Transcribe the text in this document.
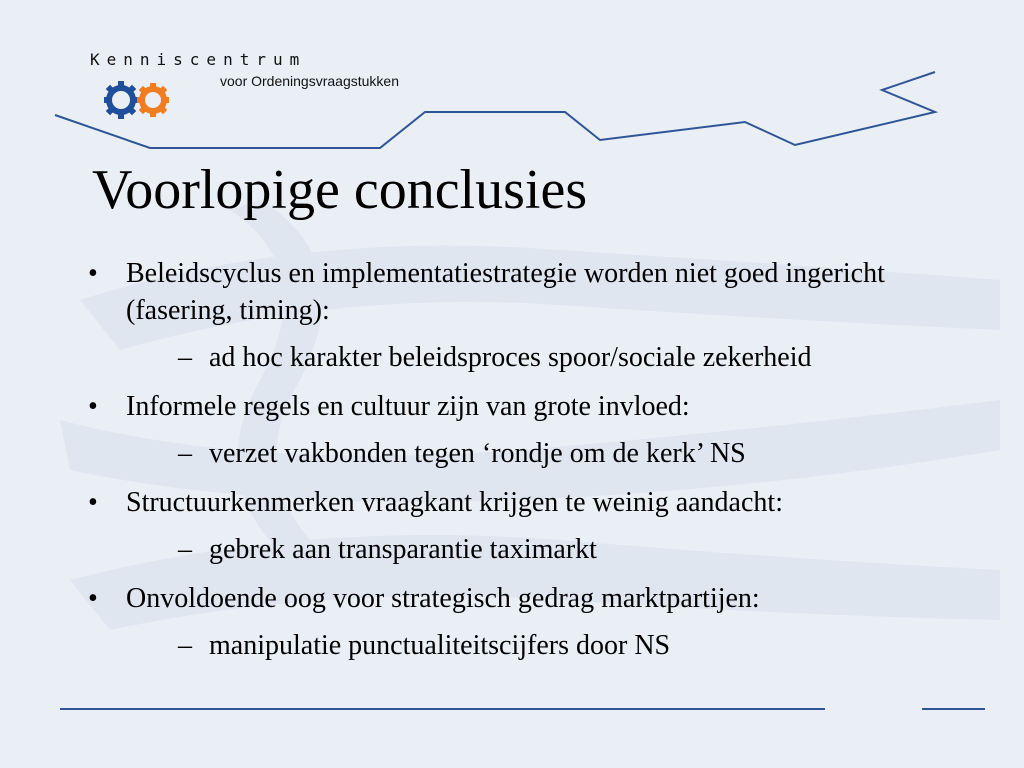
Kenniscentrum
voor Ordeningsvraagstukken
Voorlopige conclusies
• Beleidscyclus en implementatiestrategie worden niet goed ingericht (fasering, timing):
– ad hoc karakter beleidsproces spoor/sociale zekerheid
• Informele regels en cultuur zijn van grote invloed:
– verzet vakbonden tegen ‘rondje om de kerk’ NS
• Structuurkenmerken vraagkant krijgen te weinig aandacht:
– gebrek aan transparantie taximarkt
• Onvoldoende oog voor strategisch gedrag marktpartijen:
– manipulatie punctualiteitscijfers door NS
